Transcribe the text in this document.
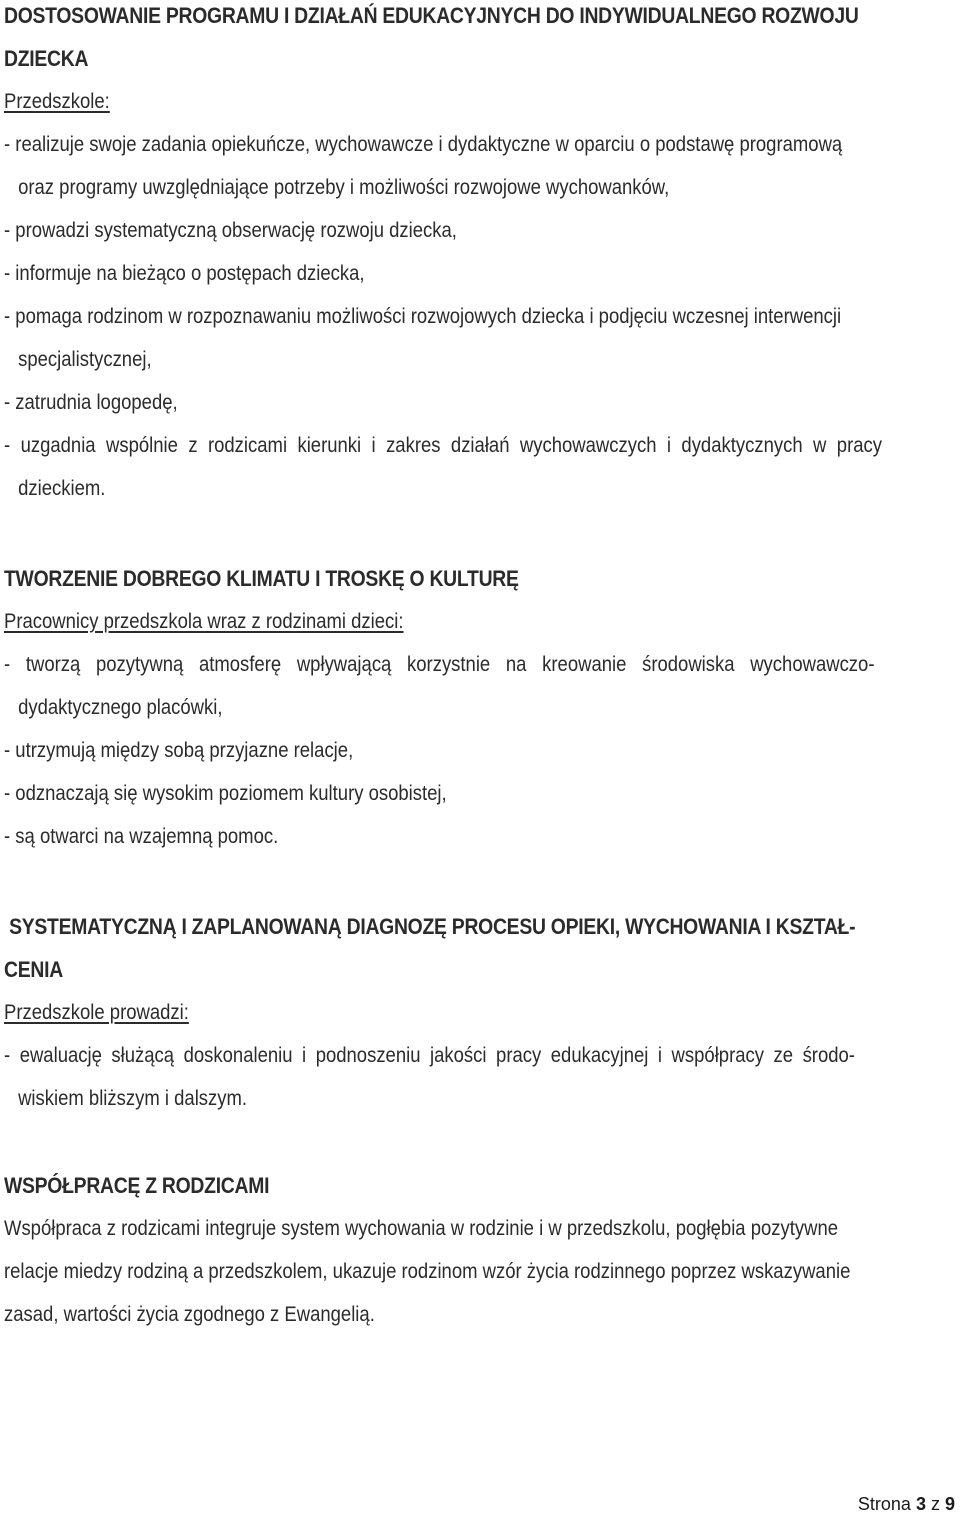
DOSTOSOWANIE PROGRAMU I DZIAŁAŃ EDUKACYJNYCH DO INDYWIDUALNEGO ROZWOJU
DZIECKA
Przedszkole:
- realizuje swoje zadania opiekuńcze, wychowawcze i dydaktyczne w oparciu o podstawę programową
oraz programy uwzględniające potrzeby i możliwości rozwojowe wychowanków,
- prowadzi systematyczną obserwację rozwoju dziecka,
- informuje na bieżąco o postępach dziecka,
- pomaga rodzinom w rozpoznawaniu możliwości rozwojowych dziecka i podjęciu wczesnej interwencji
specjalistycznej,
- zatrudnia logopedę,
- uzgadnia wspólnie z rodzicami kierunki i zakres działań wychowawczych i dydaktycznych w pracy
dzieckiem.
TWORZENIE DOBREGO KLIMATU I TROSKĘ O KULTURĘ
Pracownicy przedszkola wraz z rodzinami dzieci:
- tworzą pozytywną atmosferę wpływającą korzystnie na kreowanie środowiska wychowawczo-
dydaktycznego placówki,
- utrzymują między sobą przyjazne relacje,
- odznaczają się wysokim poziomem kultury osobistej,
- są otwarci na wzajemną pomoc.
SYSTEMATYCZNĄ I ZAPLANOWANĄ DIAGNOZĘ PROCESU OPIEKI, WYCHOWANIA I KSZTAŁ-
CENIA
Przedszkole prowadzi:
- ewaluację służącą doskonaleniu i podnoszeniu jakości pracy edukacyjnej i współpracy ze środo-
wiskiem bliższym i dalszym.
WSPÓŁPRACĘ Z RODZICAMI
Współpraca z rodzicami integruje system wychowania w rodzinie i w przedszkolu, pogłębia pozytywne
relacje miedzy rodziną a przedszkolem, ukazuje rodzinom wzór życia rodzinnego poprzez wskazywanie
zasad, wartości życia zgodnego z Ewangelią.
Strona 3 z 9
